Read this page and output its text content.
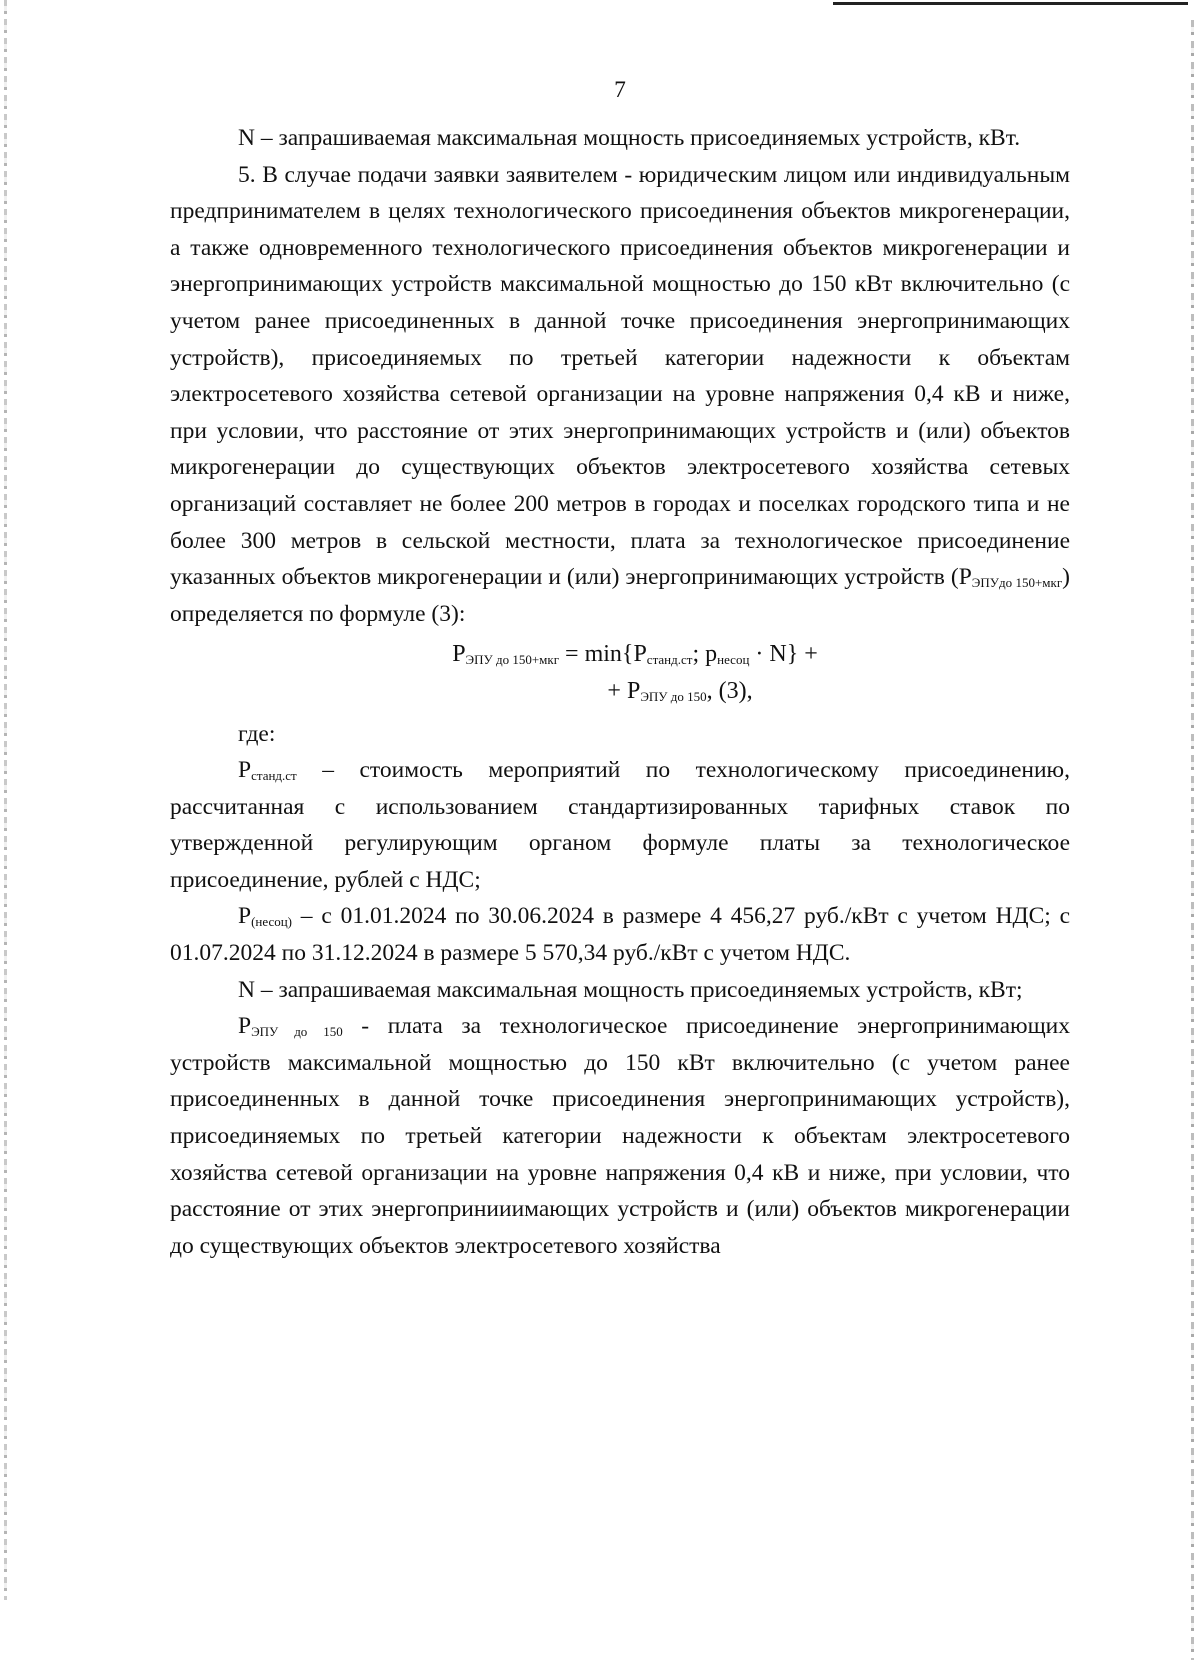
7

N – запрашиваемая максимальная мощность присоединяемых устройств, кВт.

5. В случае подачи заявки заявителем - юридическим лицом или индивидуальным предпринимателем в целях технологического присоединения объектов микрогенерации, а также одновременного технологического присоединения объектов микрогенерации и энергопринимающих устройств максимальной мощностью до 150 кВт включительно (с учетом ранее присоединенных в данной точке присоединения энергопринимающих устройств), присоединяемых по третьей категории надежности к объектам электросетевого хозяйства сетевой организации на уровне напряжения 0,4 кВ и ниже, при условии, что расстояние от этих энергопринимающих устройств и (или) объектов микрогенерации до существующих объектов электросетевого хозяйства сетевых организаций составляет не более 200 метров в городах и поселках городского типа и не более 300 метров в сельской местности, плата за технологическое присоединение указанных объектов микрогенерации и (или) энергопринимающих устройств $(Р_{ЭПУдо 150+мкг})$ определяется по формуле (3):

$Р_{ЭПУ до 150+мкг} = \min\{Р_{станд.ст}$; $p_{несоц} \cdot N$} +
+ $Р_{ЭПУ до 150}$, (3),

где:

$Р_{станд.ст}$ – стоимость мероприятий по технологическому присоединению, рассчитанная с использованием стандартизированных тарифных ставок по утвержденной регулирующим органом формуле платы за технологическое присоединение, рублей с НДС;

$Р_{(несоц)}$ – с 01.01.2024 по 30.06.2024 в размере 4 456,27 руб./кВт с учетом НДС; с 01.07.2024 по 31.12.2024 в размере 5 570,34 руб./кВт с учетом НДС.

N – запрашиваемая максимальная мощность присоединяемых устройств, кВт;

$Р_{ЭПУ до 150}$ - плата за технологическое присоединение энергопринимающих устройств максимальной мощностью до 150 кВт включительно (с учетом ранее присоединенных в данной точке присоединения энергопринимающих устройств), присоединяемых по третьей категории надежности к объектам электросетевого хозяйства сетевой организации на уровне напряжения 0,4 кВ и ниже, при условии, что расстояние от этих энергопринииимающих устройств и (или) объектов микрогенерации до существующих объектов электросетевого хозяйства
